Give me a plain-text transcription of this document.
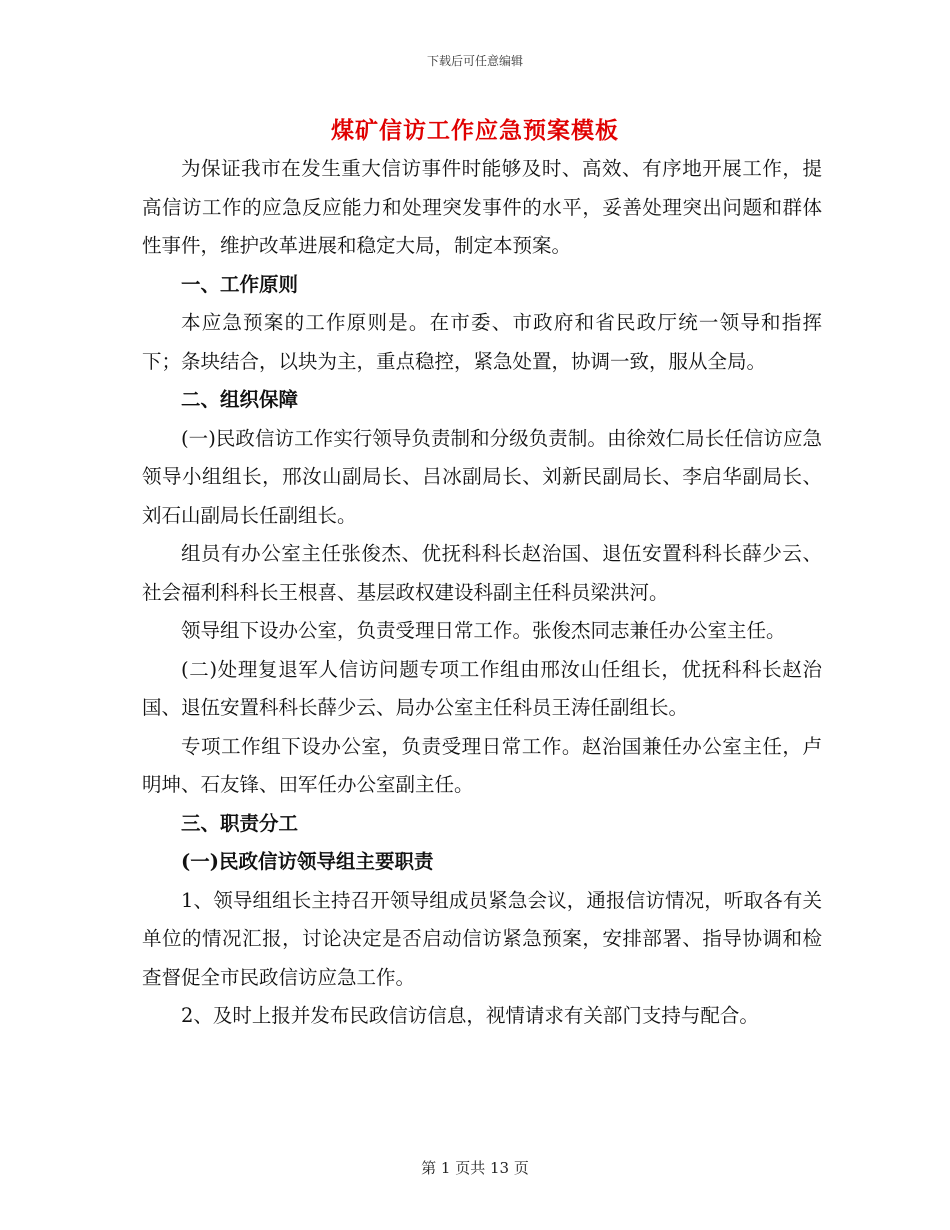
下载后可任意编辑
煤矿信访工作应急预案模板

为保证我市在发生重大信访事件时能够及时、高效、有序地开展工作，提高信访工作的应急反应能力和处理突发事件的水平，妥善处理突出问题和群体性事件，维护改革进展和稳定大局，制定本预案。

一、工作原则

本应急预案的工作原则是。在市委、市政府和省民政厅统一领导和指挥下；条块结合，以块为主，重点稳控，紧急处置，协调一致，服从全局。

二、组织保障

(一)民政信访工作实行领导负责制和分级负责制。由徐效仁局长任信访应急领导小组组长，邢汝山副局长、吕冰副局长、刘新民副局长、李启华副局长、刘石山副局长任副组长。

组员有办公室主任张俊杰、优抚科科长赵治国、退伍安置科科长薛少云、社会福利科科长王根喜、基层政权建设科副主任科员梁洪河。

领导组下设办公室，负责受理日常工作。张俊杰同志兼任办公室主任。

(二)处理复退军人信访问题专项工作组由邢汝山任组长，优抚科科长赵治国、退伍安置科科长薛少云、局办公室主任科员王涛任副组长。

专项工作组下设办公室，负责受理日常工作。赵治国兼任办公室主任，卢明坤、石友锋、田军任办公室副主任。

三、职责分工

(一)民政信访领导组主要职责

1、领导组组长主持召开领导组成员紧急会议，通报信访情况，听取各有关单位的情况汇报，讨论决定是否启动信访紧急预案，安排部署、指导协调和检查督促全市民政信访应急工作。

2、及时上报并发布民政信访信息，视情请求有关部门支持与配合。

第 1 页共 13 页
